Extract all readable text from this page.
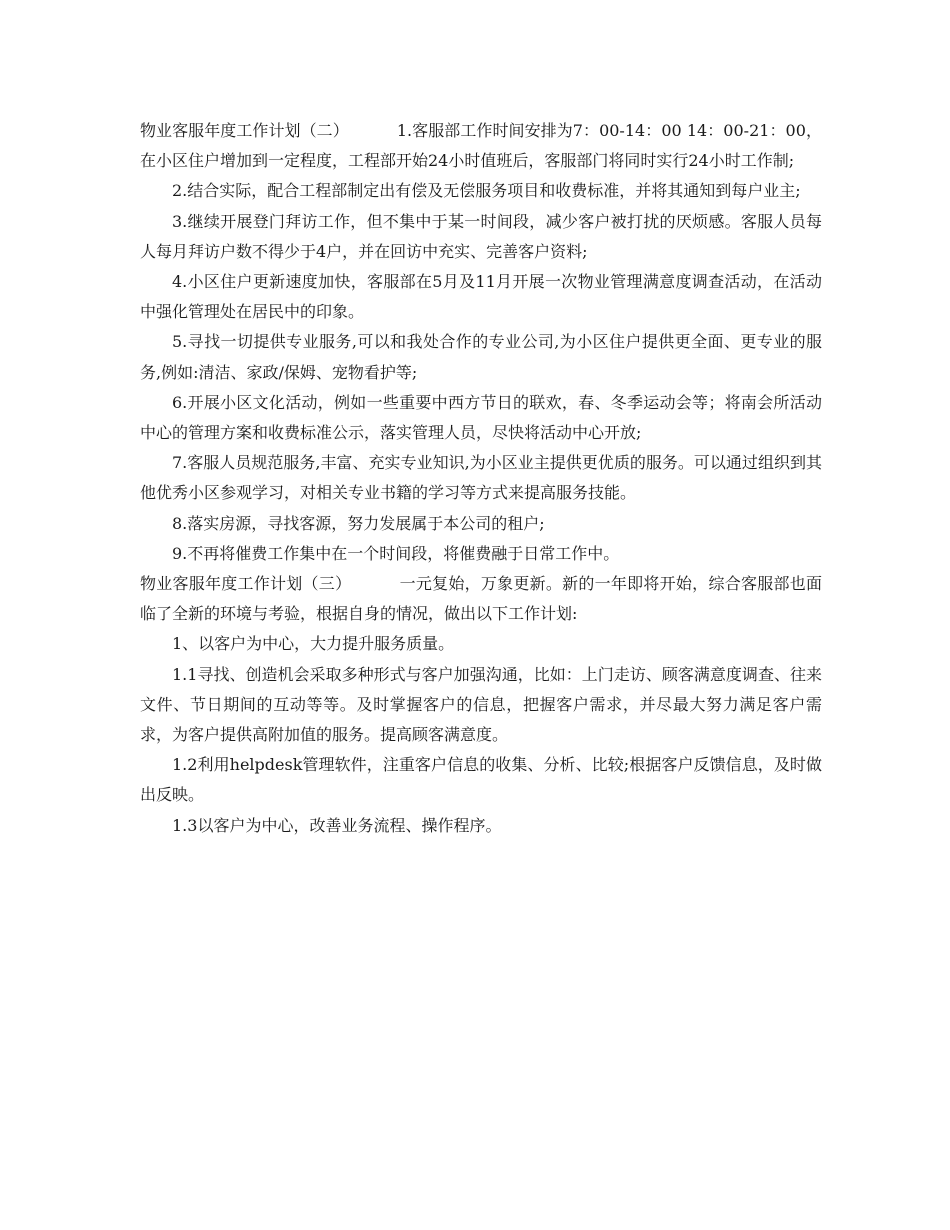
物业客服年度工作计划（二）	1.客服部工作时间安排为7：00-14：00 14：00-21：00，在小区住户增加到一定程度，工程部开始24小时值班后，客服部门将同时实行24小时工作制;

2.结合实际，配合工程部制定出有偿及无偿服务项目和收费标准，并将其通知到每户业主;

3.继续开展登门拜访工作，但不集中于某一时间段，减少客户被打扰的厌烦感。客服人员每人每月拜访户数不得少于4户，并在回访中充实、完善客户资料;

4.小区住户更新速度加快，客服部在5月及11月开展一次物业管理满意度调查活动，在活动中强化管理处在居民中的印象。

5.寻找一切提供专业服务,可以和我处合作的专业公司,为小区住户提供更全面、更专业的服务,例如:清洁、家政/保姆、宠物看护等;

6.开展小区文化活动，例如一些重要中西方节日的联欢，春、冬季运动会等；将南会所活动中心的管理方案和收费标准公示，落实管理人员，尽快将活动中心开放;

7.客服人员规范服务,丰富、充实专业知识,为小区业主提供更优质的服务。可以通过组织到其他优秀小区参观学习，对相关专业书籍的学习等方式来提高服务技能。

8.落实房源，寻找客源，努力发展属于本公司的租户;

9.不再将催费工作集中在一个时间段，将催费融于日常工作中。

物业客服年度工作计划（三）	一元复始，万象更新。新的一年即将开始，综合客服部也面临了全新的环境与考验，根据自身的情况，做出以下工作计划:

1、以客户为中心，大力提升服务质量。

1.1寻找、创造机会采取多种形式与客户加强沟通，比如：上门走访、顾客满意度调查、往来文件、节日期间的互动等等。及时掌握客户的信息，把握客户需求，并尽最大努力满足客户需求，为客户提供高附加值的服务。提高顾客满意度。

1.2利用helpdesk管理软件，注重客户信息的收集、分析、比较;根据客户反馈信息，及时做出反映。

1.3以客户为中心，改善业务流程、操作程序。
